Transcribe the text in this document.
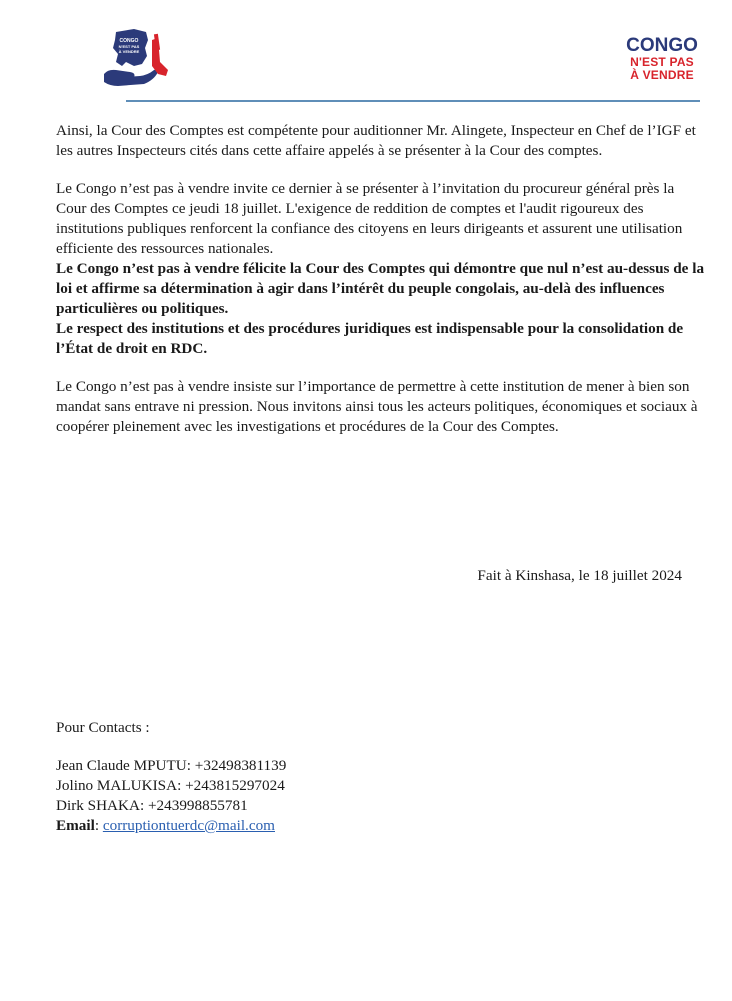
CONGO
N'EST PAS
À VENDRE	CONGO
N'EST PAS
À VENDRE

Ainsi, la Cour des Comptes est compétente pour auditionner Mr. Alingete, Inspecteur en Chef de l’IGF et les autres Inspecteurs cités dans cette affaire appelés à se présenter à la Cour des comptes.

Le Congo n’est pas à vendre invite ce dernier à se présenter à l’invitation du procureur général près la Cour des Comptes ce jeudi 18 juillet. L'exigence de reddition de comptes et l'audit rigoureux des institutions publiques renforcent la confiance des citoyens en leurs dirigeants et assurent une utilisation efficiente des ressources nationales.

Le Congo n’est pas à vendre félicite la Cour des Comptes qui démontre que nul n’est au-dessus de la loi et affirme sa détermination à agir dans l’intérêt du peuple congolais, au-delà des influences particulières ou politiques.

Le respect des institutions et des procédures juridiques est indispensable pour la consolidation de l’État de droit en RDC.

Le Congo n’est pas à vendre insiste sur l’importance de permettre à cette institution de mener à bien son mandat sans entrave ni pression. Nous invitons ainsi tous les acteurs politiques, économiques et sociaux à coopérer pleinement avec les investigations et procédures de la Cour des Comptes.

Fait à Kinshasa, le 18 juillet 2024

Pour Contacts :

Jean Claude MPUTU: +32498381139

Jolino MALUKISA: +243815297024

Dirk SHAKA: +243998855781

Email: corruptiontuerdc@mail.com
